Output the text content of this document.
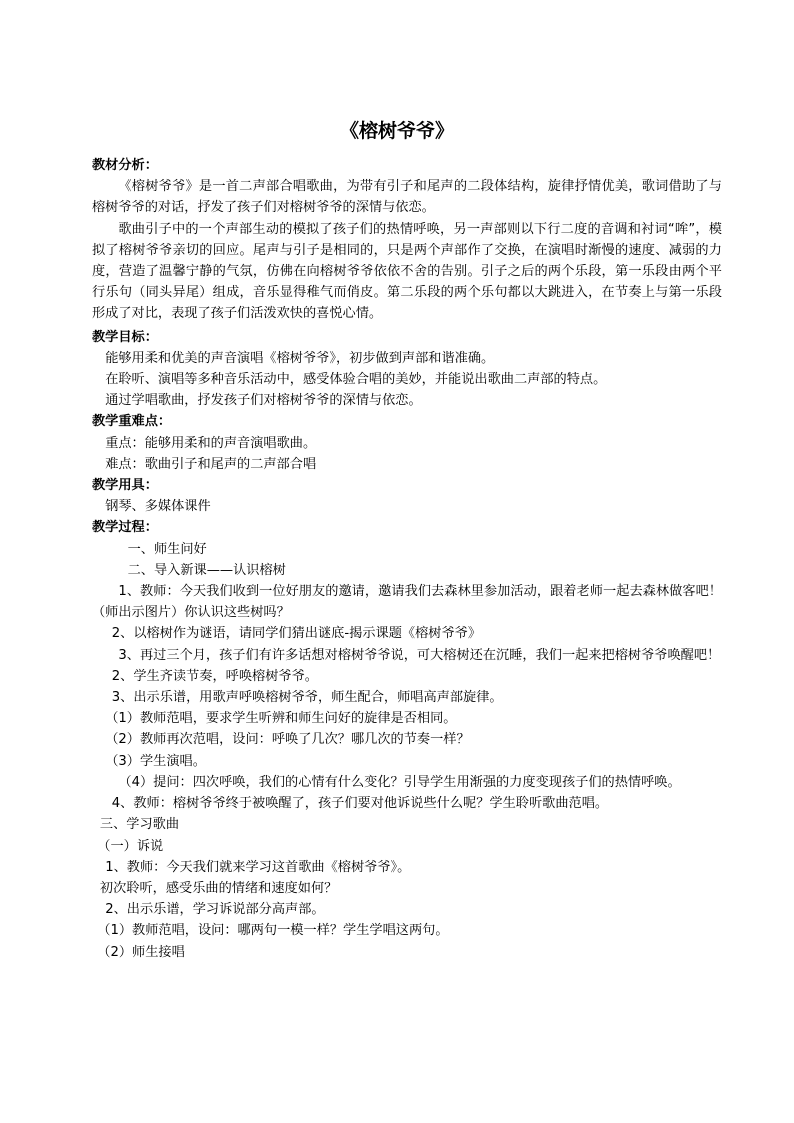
《榕树爷爷》

教材分析：

《榕树爷爷》是一首二声部合唱歌曲，为带有引子和尾声的二段体结构，旋律抒情优美，歌词借助了与榕树爷爷的对话，抒发了孩子们对榕树爷爷的深情与依恋。

歌曲引子中的一个声部生动的模拟了孩子们的热情呼唤，另一声部则以下行二度的音调和衬词“哞”，模拟了榕树爷爷亲切的回应。尾声与引子是相同的，只是两个声部作了交换，在演唱时渐慢的速度、减弱的力度，营造了温馨宁静的气氛，仿佛在向榕树爷爷依依不舍的告别。引子之后的两个乐段，第一乐段由两个平行乐句（同头异尾）组成，音乐显得稚气而俏皮。第二乐段的两个乐句都以大跳进入，在节奏上与第一乐段形成了对比，表现了孩子们活泼欢快的喜悦心情。

教学目标：

能够用柔和优美的声音演唱《榕树爷爷》，初步做到声部和谐准确。

在聆听、演唱等多种音乐活动中，感受体验合唱的美妙，并能说出歌曲二声部的特点。

通过学唱歌曲，抒发孩子们对榕树爷爷的深情与依恋。

教学重难点：

重点：能够用柔和的声音演唱歌曲。

难点：歌曲引子和尾声的二声部合唱

教学用具：

钢琴、多媒体课件

教学过程：

一、师生问好

二、导入新课——认识榕树

1、教师：今天我们收到一位好朋友的邀请，邀请我们去森林里参加活动，跟着老师一起去森林做客吧！（师出示图片）你认识这些树吗？

2、以榕树作为谜语，请同学们猜出谜底-揭示课题《榕树爷爷》

3、再过三个月，孩子们有许多话想对榕树爷爷说，可大榕树还在沉睡，我们一起来把榕树爷爷唤醒吧！

2、学生齐读节奏，呼唤榕树爷爷。

3、出示乐谱，用歌声呼唤榕树爷爷，师生配合，师唱高声部旋律。

（1）教师范唱，要求学生听辨和师生问好的旋律是否相同。

（2）教师再次范唱，设问：呼唤了几次？哪几次的节奏一样？

（3）学生演唱。

（4）提问：四次呼唤，我们的心情有什么变化？引导学生用渐强的力度变现孩子们的热情呼唤。

4、教师：榕树爷爷终于被唤醒了，孩子们要对他诉说些什么呢？学生聆听歌曲范唱。

三、学习歌曲

（一）诉说

1、教师：今天我们就来学习这首歌曲《榕树爷爷》。

初次聆听，感受乐曲的情绪和速度如何？

2、出示乐谱，学习诉说部分高声部。

（1）教师范唱，设问：哪两句一模一样？学生学唱这两句。

（2）师生接唱
